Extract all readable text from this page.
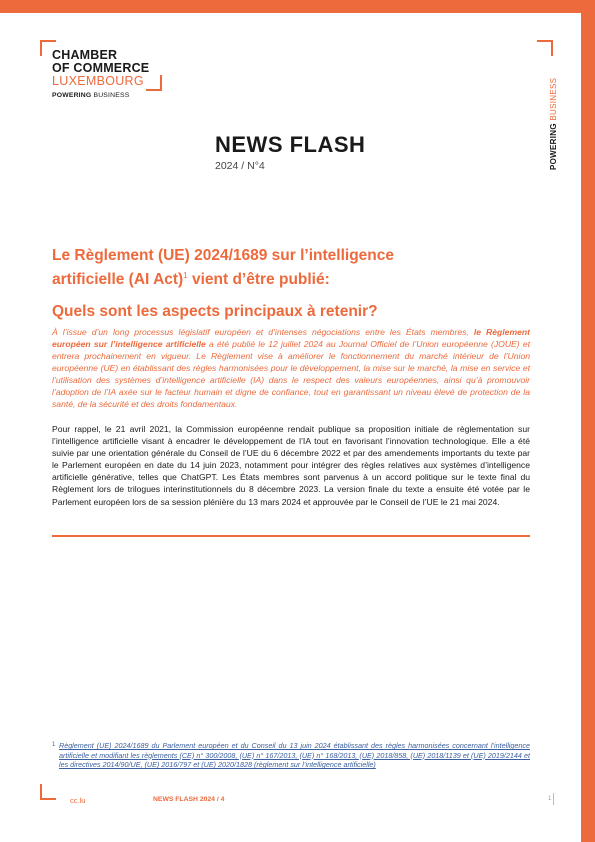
CHAMBER
OF COMMERCE
LUXEMBOURG
POWERING BUSINESS
POWERING BUSINESS
NEWS FLASH
2024 / N°4
Le Règlement (UE) 2024/1689 sur l’intelligence
artificielle (AI Act)$^1$ vient d’être publié:
Quels sont les aspects principaux à retenir?
À l’issue d’un long processus législatif européen et d’intenses négociations entre les États membres, le Règlement européen sur l’intelligence artificielle a été publié le 12 juillet 2024 au Journal Officiel de l’Union européenne (JOUE) et entrera prochainement en vigueur. Le Règlement vise à améliorer le fonctionnement du marché intérieur de l’Union européenne (UE) en établissant des règles harmonisées pour le développement, la mise sur le marché, la mise en service et l’utilisation des systèmes d’intelligence artificielle (IA) dans le respect des valeurs européennes, ainsi qu’à promouvoir l’adoption de l’IA axée sur le facteur humain et digne de confiance, tout en garantissant un niveau élevé de protection de la santé, de la sécurité et des droits fondamentaux.
Pour rappel, le 21 avril 2021, la Commission européenne rendait publique sa proposition initiale de règlementation sur l’intelligence artificielle visant à encadrer le développement de l’IA tout en favorisant l’innovation technologique. Elle a été suivie par une orientation générale du Conseil de l’UE du 6 décembre 2022 et par des amendements importants du texte par le Parlement européen en date du 14 juin 2023, notamment pour intégrer des règles relatives aux systèmes d’intelligence artificielle générative, telles que ChatGPT. Les États membres sont parvenus à un accord politique sur le texte final du Règlement lors de trilogues interinstitutionnels du 8 décembre 2023. La version finale du texte a ensuite été votée par le Parlement européen lors de sa session plénière du 13 mars 2024 et approuvée par le Conseil de l’UE le 21 mai 2024.
1 Règlement (UE) 2024/1689 du Parlement européen et du Conseil du 13 juin 2024 établissant des règles harmonisées concernant l’intelligence artificielle et modifiant les règlements (CE) n° 300/2008, (UE) n° 167/2013, (UE) n° 168/2013, (UE) 2018/858, (UE) 2018/1139 et (UE) 2019/2144 et les directives 2014/90/UE, (UE) 2016/797 et (UE) 2020/1828 (règlement sur l’intelligence artificielle)
cc.lu	NEWS FLASH 2024 / 4	1
